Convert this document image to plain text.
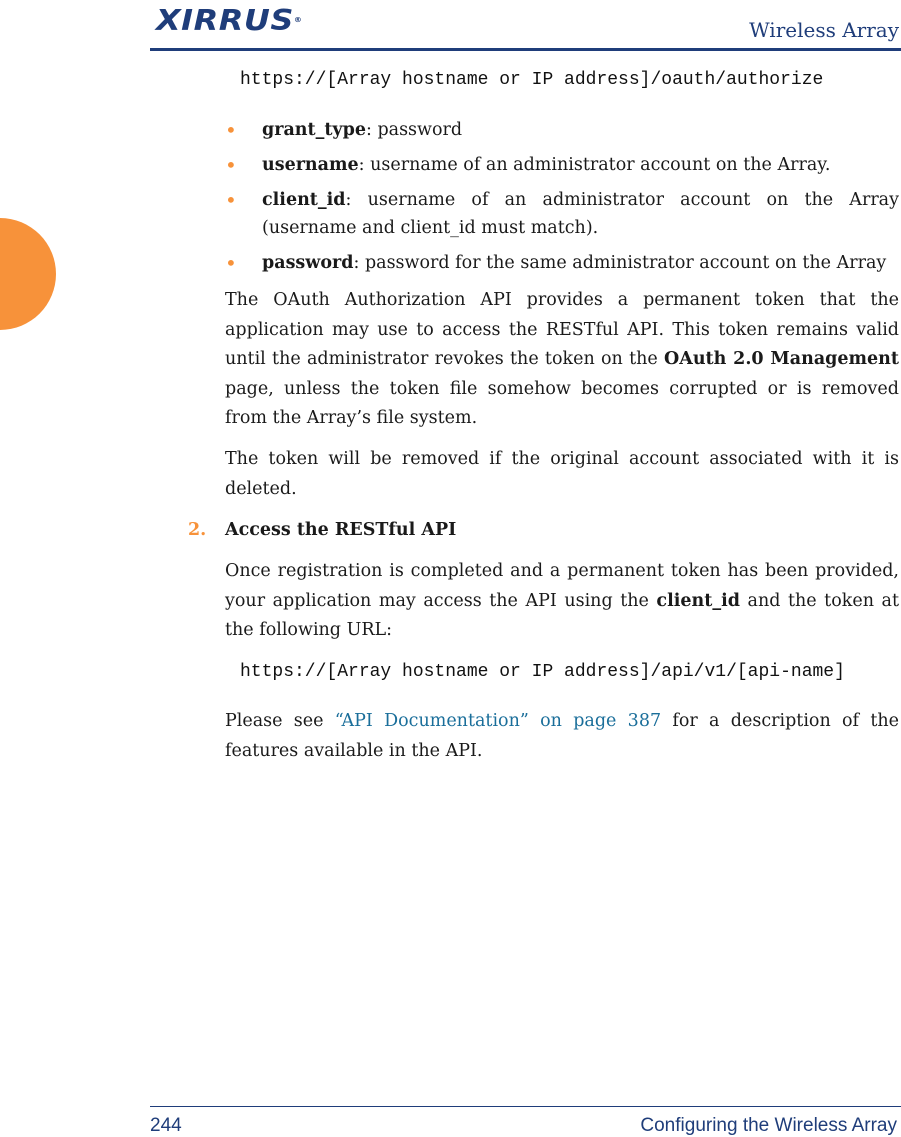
XIRRUS®	Wireless Array
https://[Array hostname or IP address]/oauth/authorize
• grant_type: password
• username: username of an administrator account on the Array.
• client_id: username of an administrator account on the Array (username and client_id must match).
• password: password for the same administrator account on the Array

The OAuth Authorization API provides a permanent token that the application may use to access the RESTful API. This token remains valid until the administrator revokes the token on the OAuth 2.0 Management page, unless the token file somehow becomes corrupted or is removed from the Array’s file system.

The token will be removed if the original account associated with it is deleted.

2. Access the RESTful API

Once registration is completed and a permanent token has been provided, your application may access the API using the client_id and the token at the following URL:

https://[Array hostname or IP address]/api/v1/[api-name]

Please see “API Documentation” on page 387 for a description of the features available in the API.

244	Configuring the Wireless Array
